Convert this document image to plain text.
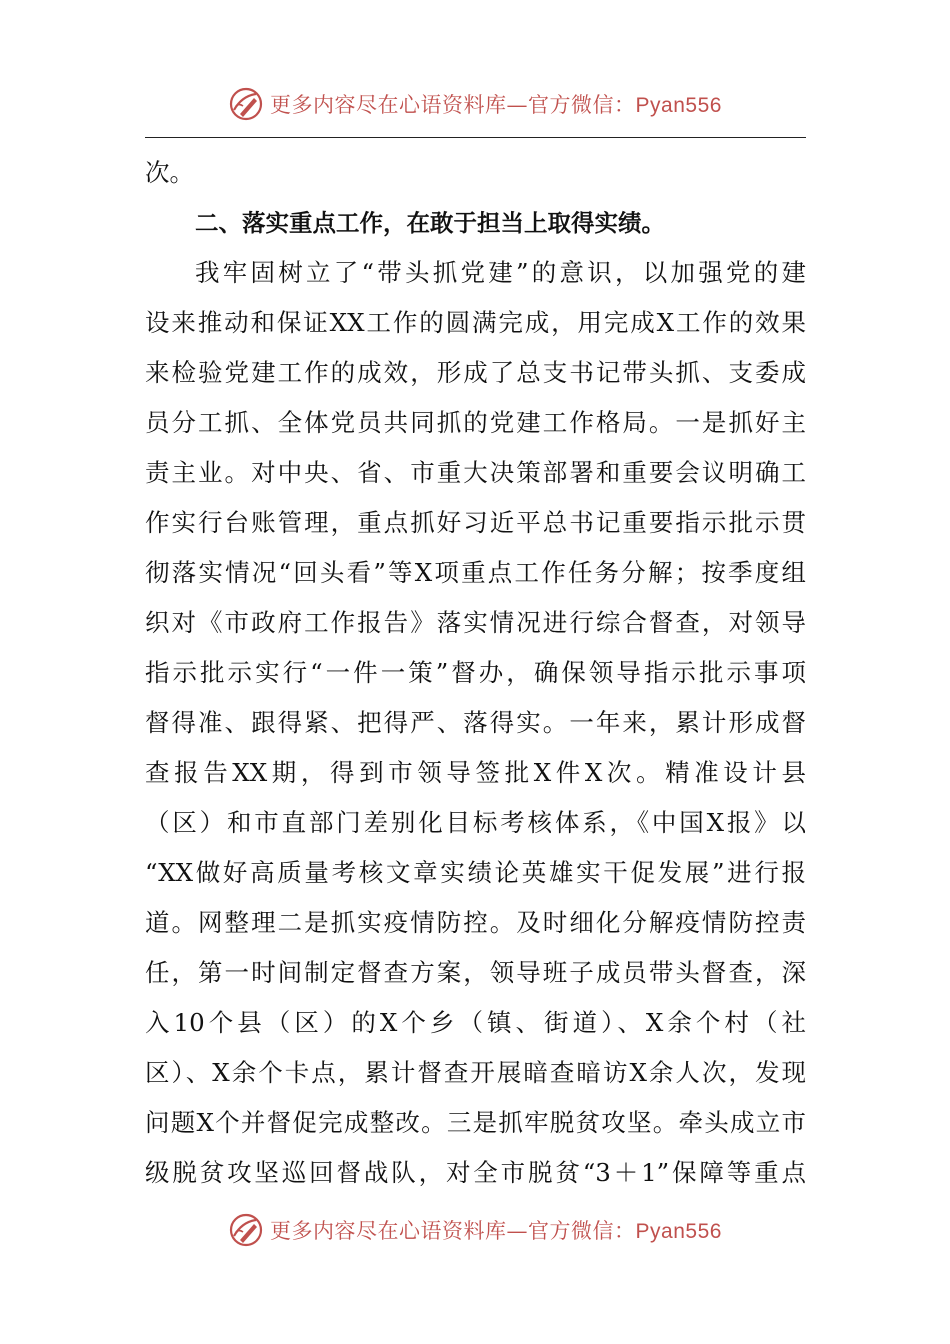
更多内容尽在心语资料库—官方微信：Pyan556
次。
二、落实重点工作，在敢于担当上取得实绩。
我牢固树立了“带头抓党建”的意识，以加强党的建
设来推动和保证XX工作的圆满完成，用完成X工作的效果
来检验党建工作的成效，形成了总支书记带头抓、支委成
员分工抓、全体党员共同抓的党建工作格局。一是抓好主
责主业。对中央、省、市重大决策部署和重要会议明确工
作实行台账管理，重点抓好习近平总书记重要指示批示贯
彻落实情况“回头看”等X项重点工作任务分解；按季度组
织对《市政府工作报告》落实情况进行综合督查，对领导
指示批示实行“一件一策”督办，确保领导指示批示事项
督得准、跟得紧、把得严、落得实。一年来，累计形成督
查报告XX期，得到市领导签批X件X次。精准设计县
（区）和市直部门差别化目标考核体系，《中国X报》以
“XX做好高质量考核文章实绩论英雄实干促发展”进行报
道。网整理二是抓实疫情防控。及时细化分解疫情防控责
任，第一时间制定督查方案，领导班子成员带头督查，深
入10个县（区）的X个乡（镇、街道）、X余个村（社
区）、X余个卡点，累计督查开展暗查暗访X余人次，发现
问题X个并督促完成整改。三是抓牢脱贫攻坚。牵头成立市
级脱贫攻坚巡回督战队，对全市脱贫“3＋1”保障等重点
更多内容尽在心语资料库—官方微信：Pyan556
